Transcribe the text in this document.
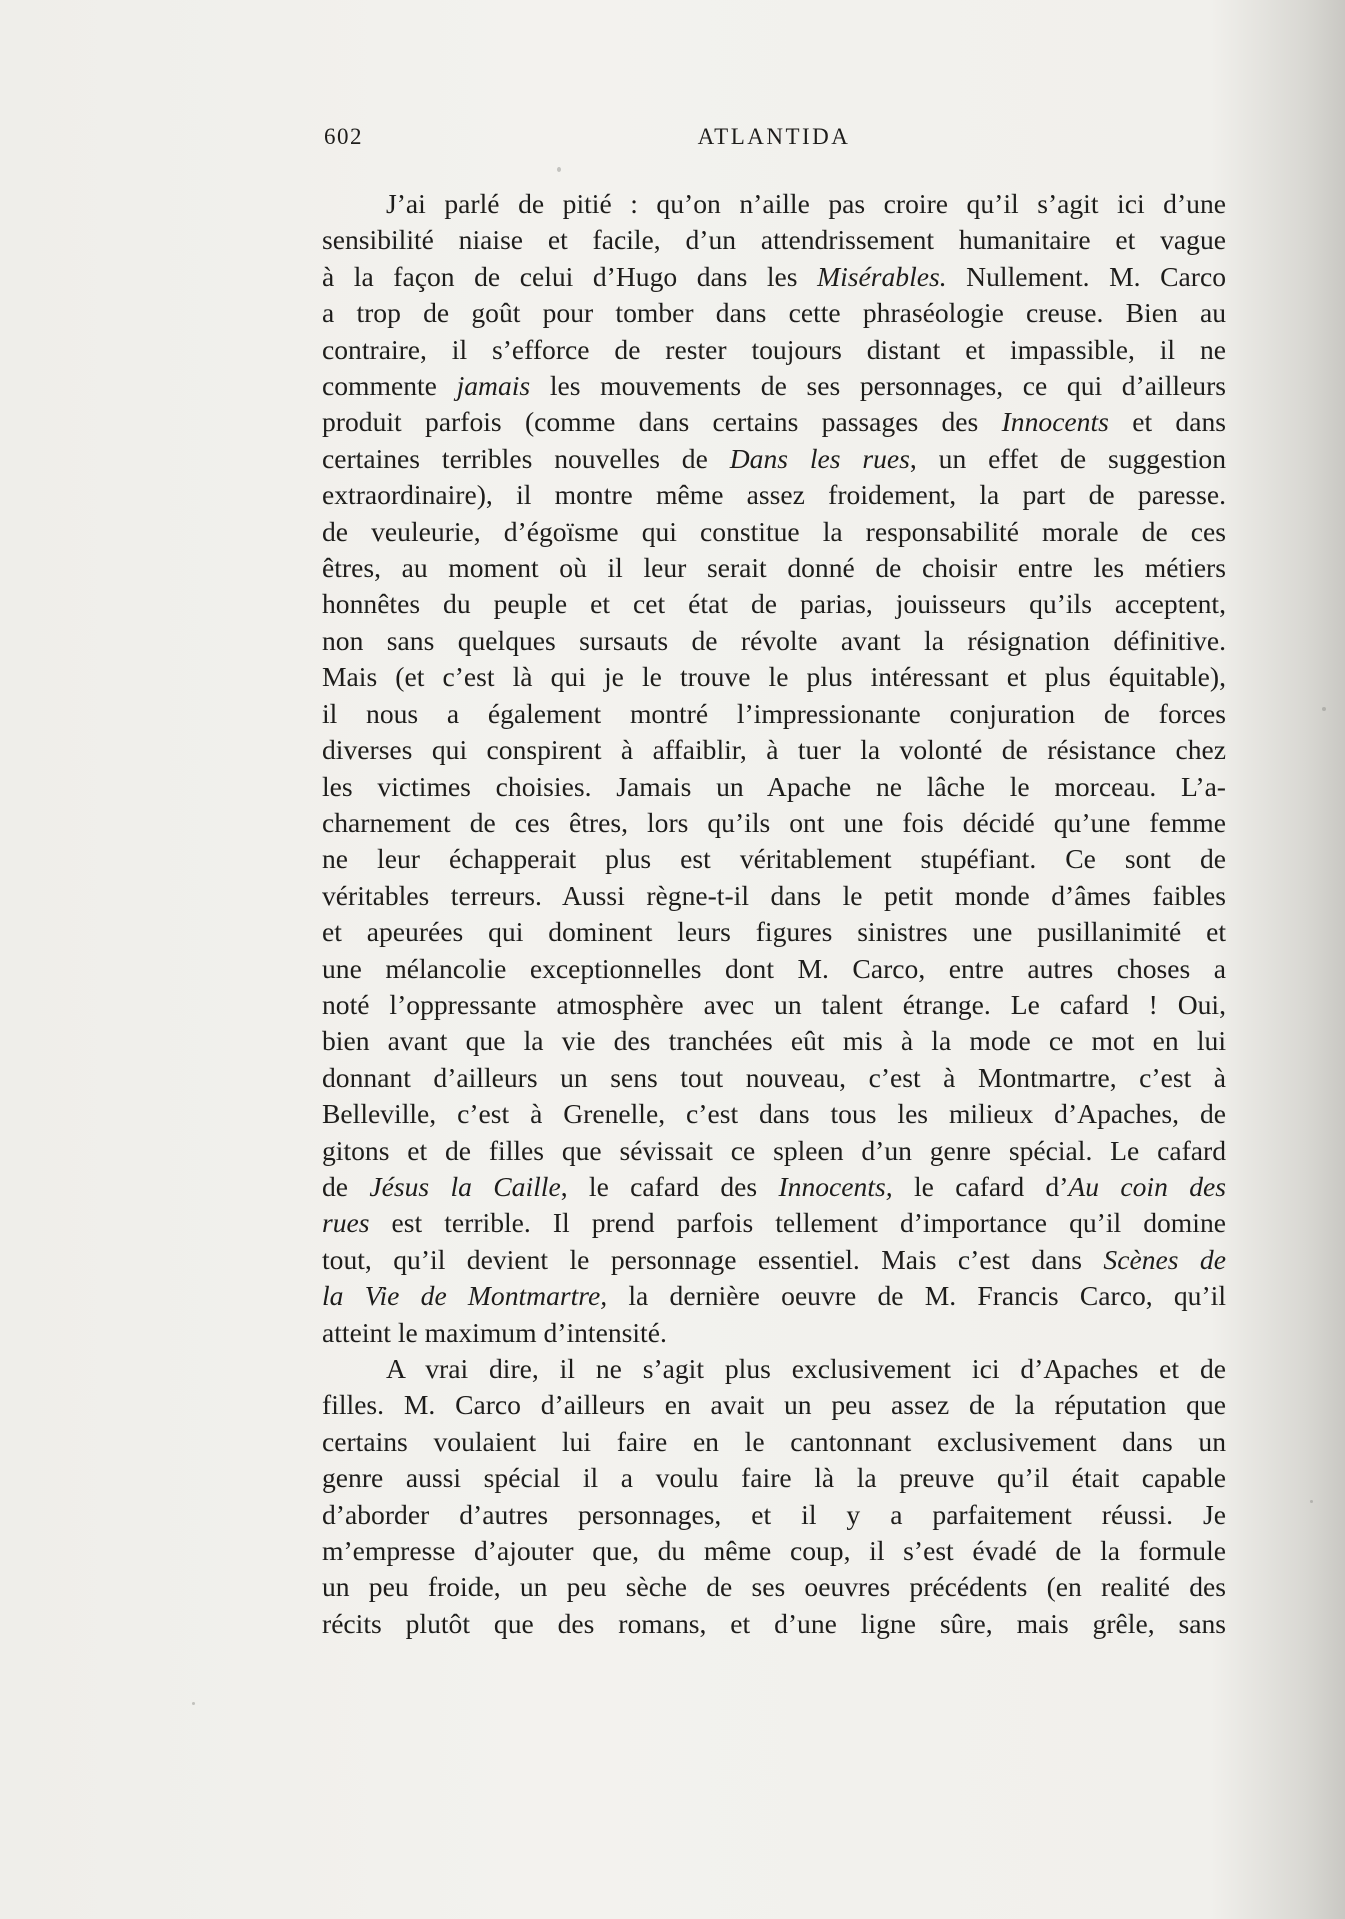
602	ATLANTIDA
J’ai parlé de pitié : qu’on n’aille pas croire qu’il s’agit ici d’une
sensibilité niaise et facile, d’un attendrissement humanitaire et vague
à la façon de celui d’Hugo dans les Misérables. Nullement. M. Carco
a trop de goût pour tomber dans cette phraséologie creuse. Bien au
contraire, il s’efforce de rester toujours distant et impassible, il ne
commente jamais les mouvements de ses personnages, ce qui d’ailleurs
produit parfois (comme dans certains passages des Innocents et dans
certaines terribles nouvelles de Dans les rues, un effet de suggestion
extraordinaire), il montre même assez froidement, la part de paresse.
de veuleurie, d’égoïsme qui constitue la responsabilité morale de ces
êtres, au moment où il leur serait donné de choisir entre les métiers
honnêtes du peuple et cet état de parias, jouisseurs qu’ils acceptent,
non sans quelques sursauts de révolte avant la résignation définitive.
Mais (et c’est là qui je le trouve le plus intéressant et plus équitable),
il nous a également montré l’impressionante conjuration de forces
diverses qui conspirent à affaiblir, à tuer la volonté de résistance chez
les victimes choisies. Jamais un Apache ne lâche le morceau. L’a-
charnement de ces êtres, lors qu’ils ont une fois décidé qu’une femme
ne leur échapperait plus est véritablement stupéfiant. Ce sont de
véritables terreurs. Aussi règne-t-il dans le petit monde d’âmes faibles
et apeurées qui dominent leurs figures sinistres une pusillanimité et
une mélancolie exceptionnelles dont M. Carco, entre autres choses a
noté l’oppressante atmosphère avec un talent étrange. Le cafard ! Oui,
bien avant que la vie des tranchées eût mis à la mode ce mot en lui
donnant d’ailleurs un sens tout nouveau, c’est à Montmartre, c’est à
Belleville, c’est à Grenelle, c’est dans tous les milieux d’Apaches, de
gitons et de filles que sévissait ce spleen d’un genre spécial. Le cafard
de Jésus la Caille, le cafard des Innocents, le cafard d’Au coin des
rues est terrible. Il prend parfois tellement d’importance qu’il domine
tout, qu’il devient le personnage essentiel. Mais c’est dans Scènes de
la Vie de Montmartre, la dernière oeuvre de M. Francis Carco, qu’il
atteint le maximum d’intensité.
A vrai dire, il ne s’agit plus exclusivement ici d’Apaches et de
filles. M. Carco d’ailleurs en avait un peu assez de la réputation que
certains voulaient lui faire en le cantonnant exclusivement dans un
genre aussi spécial il a voulu faire là la preuve qu’il était capable
d’aborder d’autres personnages, et il y a parfaitement réussi. Je
m’empresse d’ajouter que, du même coup, il s’est évadé de la formule
un peu froide, un peu sèche de ses oeuvres précédents (en realité des
récits plutôt que des romans, et d’une ligne sûre, mais grêle, sans
